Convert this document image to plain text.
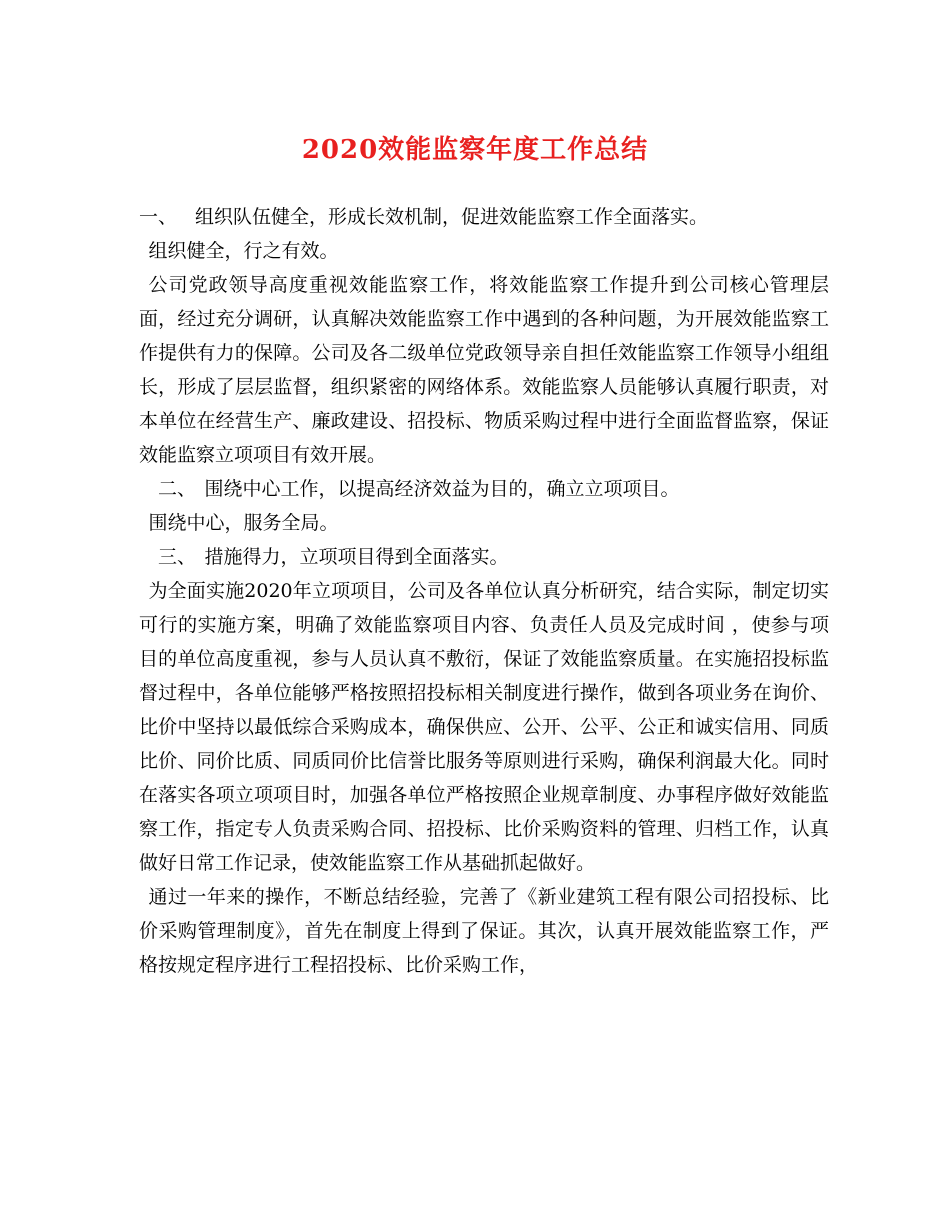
2020效能监察年度工作总结

一、 组织队伍健全，形成长效机制，促进效能监察工作全面落实。

组织健全，行之有效。

公司党政领导高度重视效能监察工作，将效能监察工作提升到公司核心管理层面，经过充分调研，认真解决效能监察工作中遇到的各种问题，为开展效能监察工作提供有力的保障。公司及各二级单位党政领导亲自担任效能监察工作领导小组组长，形成了层层监督，组织紧密的网络体系。效能监察人员能够认真履行职责，对本单位在经营生产、廉政建设、招投标、物质采购过程中进行全面监督监察，保证效能监察立项项目有效开展。

二、 围绕中心工作，以提高经济效益为目的，确立立项项目。

围绕中心，服务全局。

三、 措施得力，立项项目得到全面落实。

为全面实施2020年立项项目，公司及各单位认真分析研究，结合实际，制定切实可行的实施方案，明确了效能监察项目内容、负责任人员及完成时间 ，使参与项目的单位高度重视，参与人员认真不敷衍，保证了效能监察质量。在实施招投标监督过程中，各单位能够严格按照招投标相关制度进行操作，做到各项业务在询价、比价中坚持以最低综合采购成本，确保供应、公开、公平、公正和诚实信用、同质比价、同价比质、同质同价比信誉比服务等原则进行采购，确保利润最大化。同时在落实各项立项项目时，加强各单位严格按照企业规章制度、办事程序做好效能监察工作，指定专人负责采购合同、招投标、比价采购资料的管理、归档工作，认真做好日常工作记录，使效能监察工作从基础抓起做好。

通过一年来的操作，不断总结经验，完善了《新业建筑工程有限公司招投标、比价采购管理制度》，首先在制度上得到了保证。其次，认真开展效能监察工作，严格按规定程序进行工程招投标、比价采购工作，
